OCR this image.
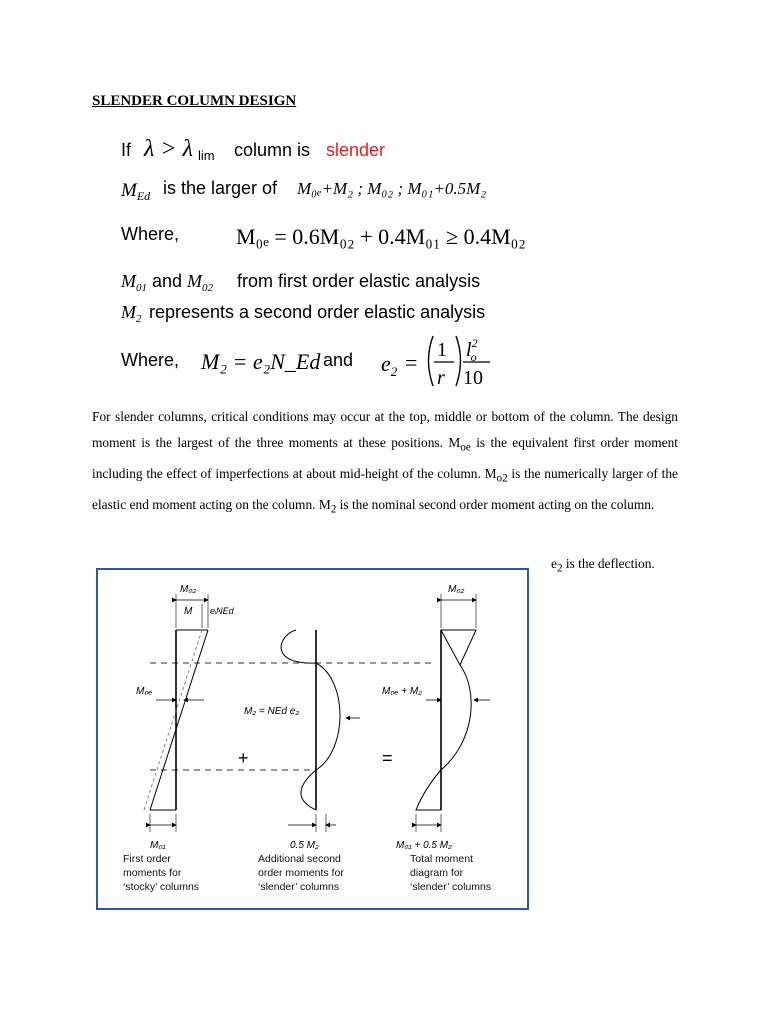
SLENDER COLUMN DESIGN
If λ > λ lim column is slender
$M_{Ed}$ is the larger of M₀ₑ+M₂ ; M₀₂ ; M₀₁+0.5M₂
Where,	M₀ₑ = 0.6M₀₂ + 0.4M₀₁ ≥ 0.4M₀₂
$M_{01}$ and $M_{02}$ from first order elastic analysis
$M_2$ represents a second order elastic analysis
Where, M₂ = e₂N_Ed and $e_2 = 1$
r
$l^2$ o
10
For slender columns, critical conditions may occur at the top, middle or bottom of the column. The design moment is the largest of the three moments at these positions. $M_{oe}$ is the equivalent first order moment including the effect of imperfections at about mid-height of the column. $M_{o2}$ is the numerically larger of the elastic end moment acting on the column. $M_2$ is the nominal second order moment acting on the column.
$e_2$ is the deflection.
M₀₂
M eᵢNEd
M₀ₑ
M₀₁
M₂ = NEd e₂
+
0.5 M₂
=
M₀₂
M₀ₑ + M₂
M₀₁ + 0.5 M₂
First order
moments for
‘stocky’ columns
Additional second
order moments for
‘slender’ columns
Total moment
diagram for
‘slender’ columns
